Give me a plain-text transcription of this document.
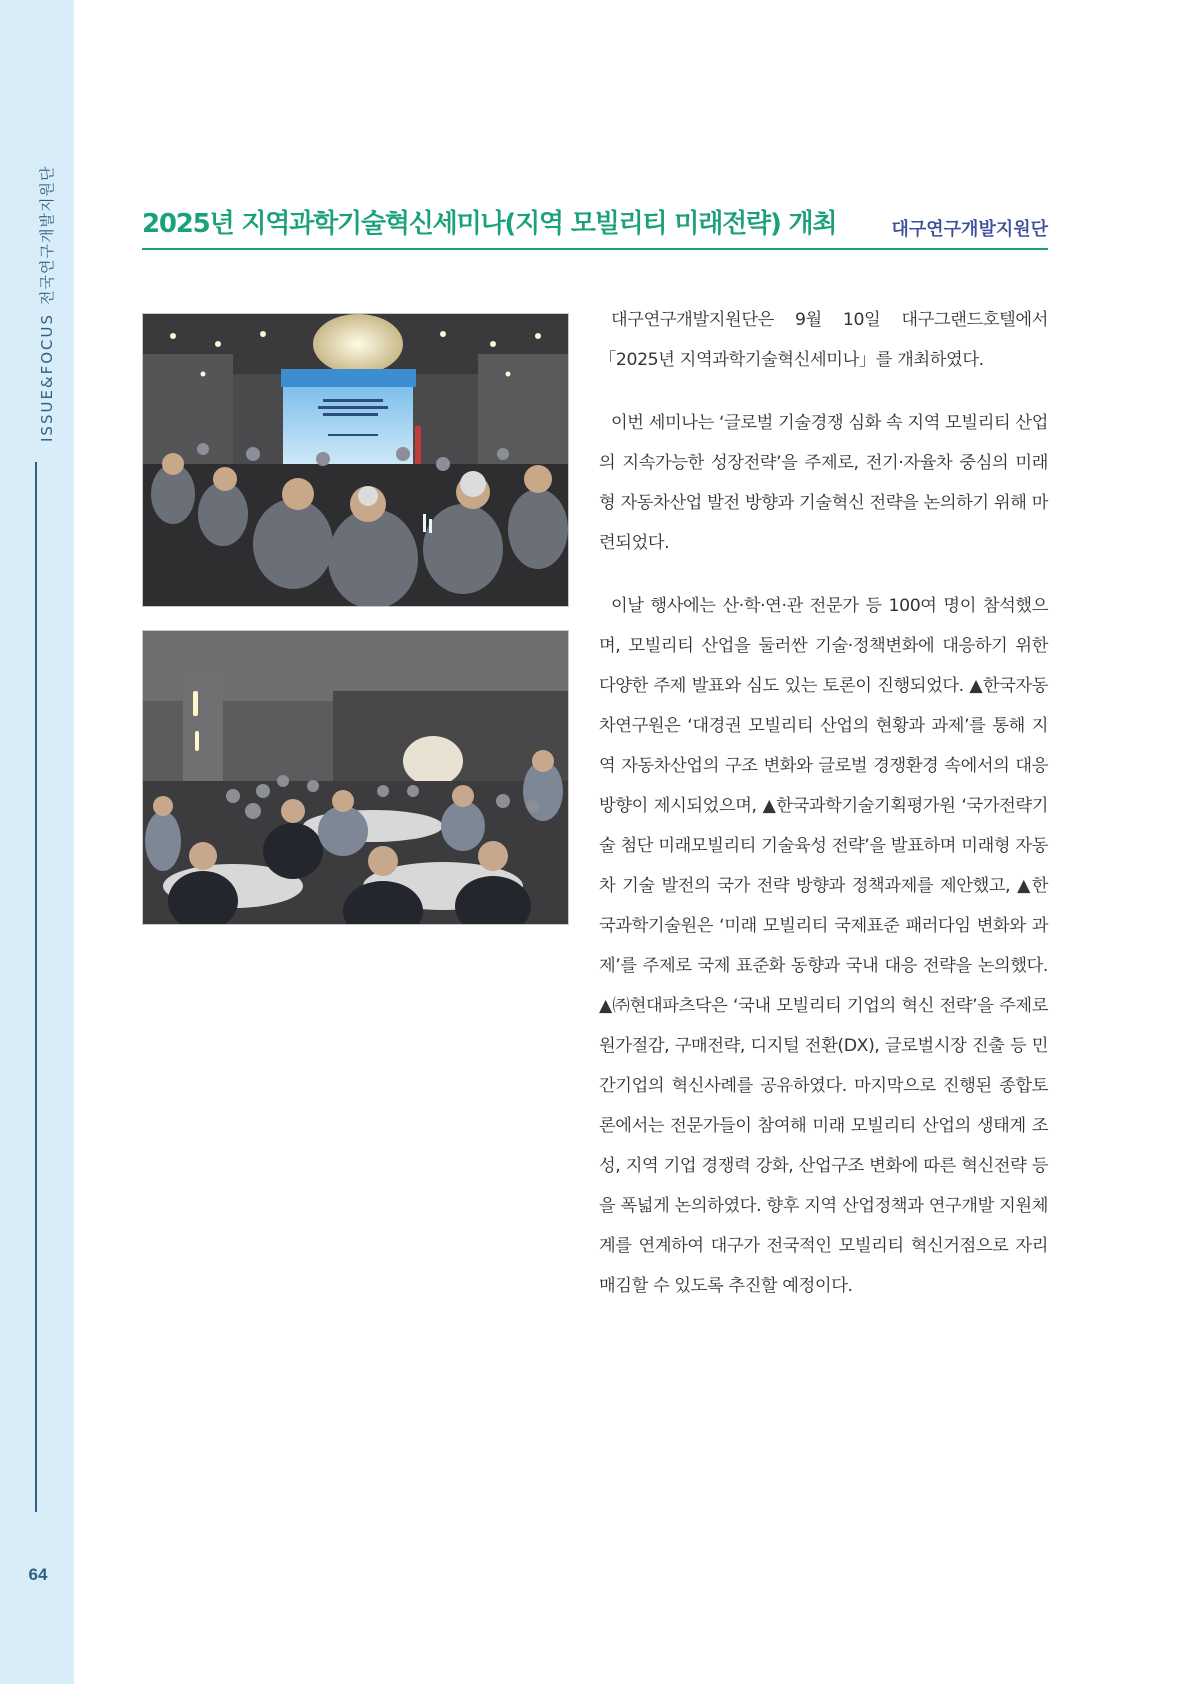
ISSUE&FOCUS전국연구개발지원단
64
2025년 지역과학기술혁신세미나(지역 모빌리티 미래전략) 개최	대구연구개발지원단

대구연구개발지원단은 9월 10일 대구그랜드호텔에서 「2025년 지역과학기술혁신세미나」를 개최하였다.

이번 세미나는 ‘글로벌 기술경쟁 심화 속 지역 모빌리티 산업의 지속가능한 성장전략’을 주제로, 전기·자율차 중심의 미래형 자동차산업 발전 방향과 기술혁신 전략을 논의하기 위해 마련되었다.

이날 행사에는 산·학·연·관 전문가 등 100여 명이 참석했으며, 모빌리티 산업을 둘러싼 기술·정책변화에 대응하기 위한 다양한 주제 발표와 심도 있는 토론이 진행되었다. ▲한국자동차연구원은 ‘대경권 모빌리티 산업의 현황과 과제’를 통해 지역 자동차산업의 구조 변화와 글로벌 경쟁환경 속에서의 대응 방향이 제시되었으며, ▲한국과학기술기획평가원 ‘국가전략기술 첨단 미래모빌리티 기술육성 전략’을 발표하며 미래형 자동차 기술 발전의 국가 전략 방향과 정책과제를 제안했고, ▲한국과학기술원은 ‘미래 모빌리티 국제표준 패러다임 변화와 과제’를 주제로 국제 표준화 동향과 국내 대응 전략을 논의했다. ▲㈜현대파츠닥은 ‘국내 모빌리티 기업의 혁신 전략’을 주제로 원가절감, 구매전략, 디지털 전환(DX), 글로벌시장 진출 등 민간기업의 혁신사례를 공유하였다. 마지막으로 진행된 종합토론에서는 전문가들이 참여해 미래 모빌리티 산업의 생태계 조성, 지역 기업 경쟁력 강화, 산업구조 변화에 따른 혁신전략 등을 폭넓게 논의하였다. 향후 지역 산업정책과 연구개발 지원체계를 연계하여 대구가 전국적인 모빌리티 혁신거점으로 자리매김할 수 있도록 추진할 예정이다.
